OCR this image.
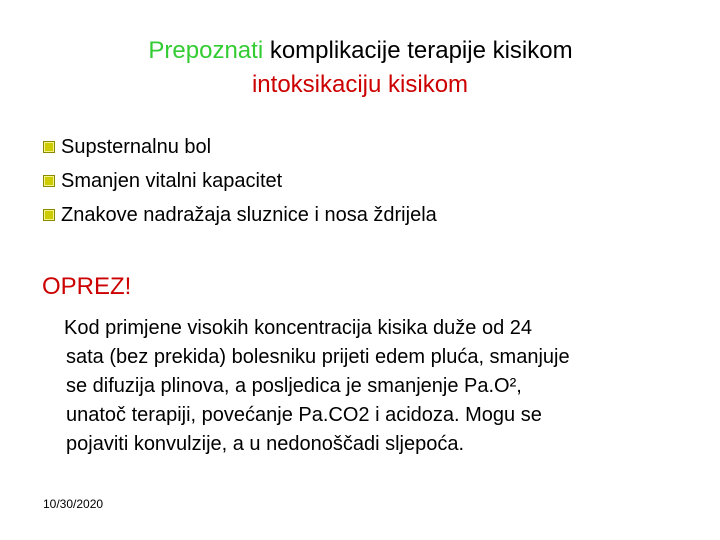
Prepoznati komplikacije terapije kisikom
intoksikaciju kisikom
Supsternalnu bol
Smanjen vitalni kapacitet
Znakove nadražaja sluznice i nosa ždrijela
OPREZ!
Kod primjene visokih koncentracija kisika duže od 24
sata (bez prekida) bolesniku prijeti edem pluća, smanjuje
se difuzija plinova, a posljedica je smanjenje Pa.O²,
unatoč terapiji, povećanje Pa.CO2 i acidoza. Mogu se
pojaviti konvulzije, a u nedonoščadi sljepoća.
10/30/2020
